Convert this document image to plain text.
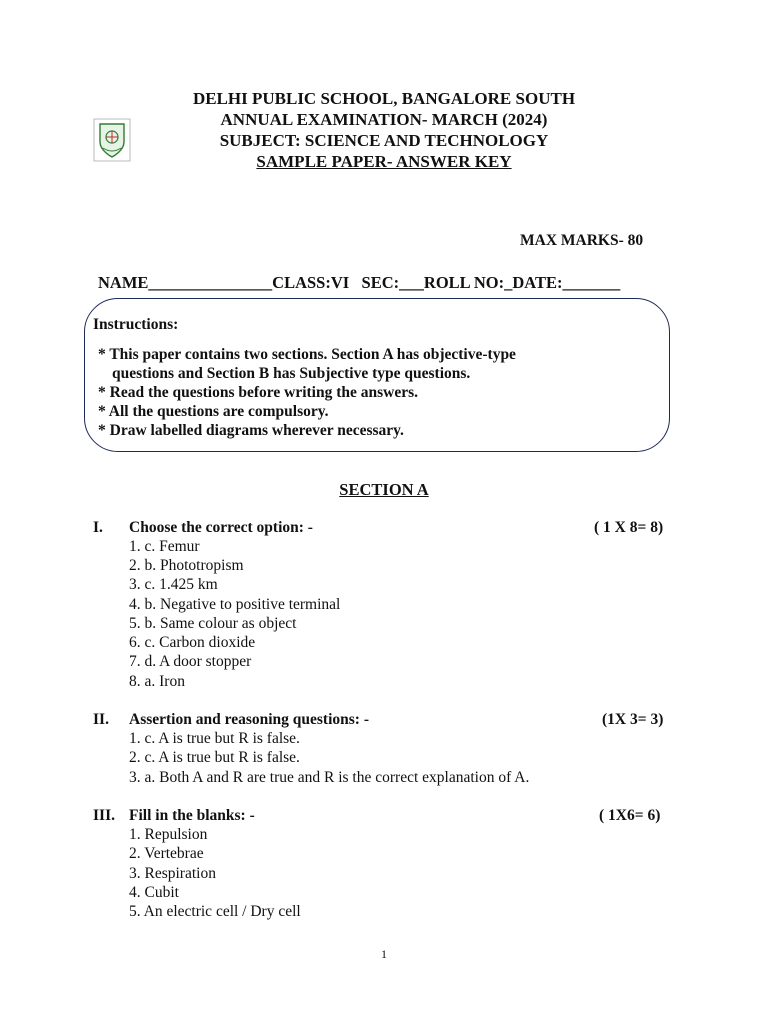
DELHI PUBLIC SCHOOL, BANGALORE SOUTH
ANNUAL EXAMINATION- MARCH (2024)
SUBJECT: SCIENCE AND TECHNOLOGY
SAMPLE PAPER- ANSWER KEY
MAX MARKS- 80
NAME_______________CLASS:VI   SEC:___ROLL NO:_DATE:_______
Instructions:
* This paper contains two sections. Section A has objective-type
questions and Section B has Subjective type questions.
* Read the questions before writing the answers.
* All the questions are compulsory.
* Draw labelled diagrams wherever necessary.
SECTION A
I. Choose the correct option: -	( 1 X 8= 8)
1. c. Femur
2. b. Phototropism
3. c. 1.425 km
4. b. Negative to positive terminal
5. b. Same colour as object
6. c. Carbon dioxide
7. d. A door stopper
8. a. Iron
II. Assertion and reasoning questions: -	(1X 3= 3)
1. c. A is true but R is false.
2. c. A is true but R is false.
3. a. Both A and R are true and R is the correct explanation of A.
III. Fill in the blanks: -	( 1X6= 6)
1. Repulsion
2. Vertebrae
3. Respiration
4. Cubit
5. An electric cell / Dry cell
1
